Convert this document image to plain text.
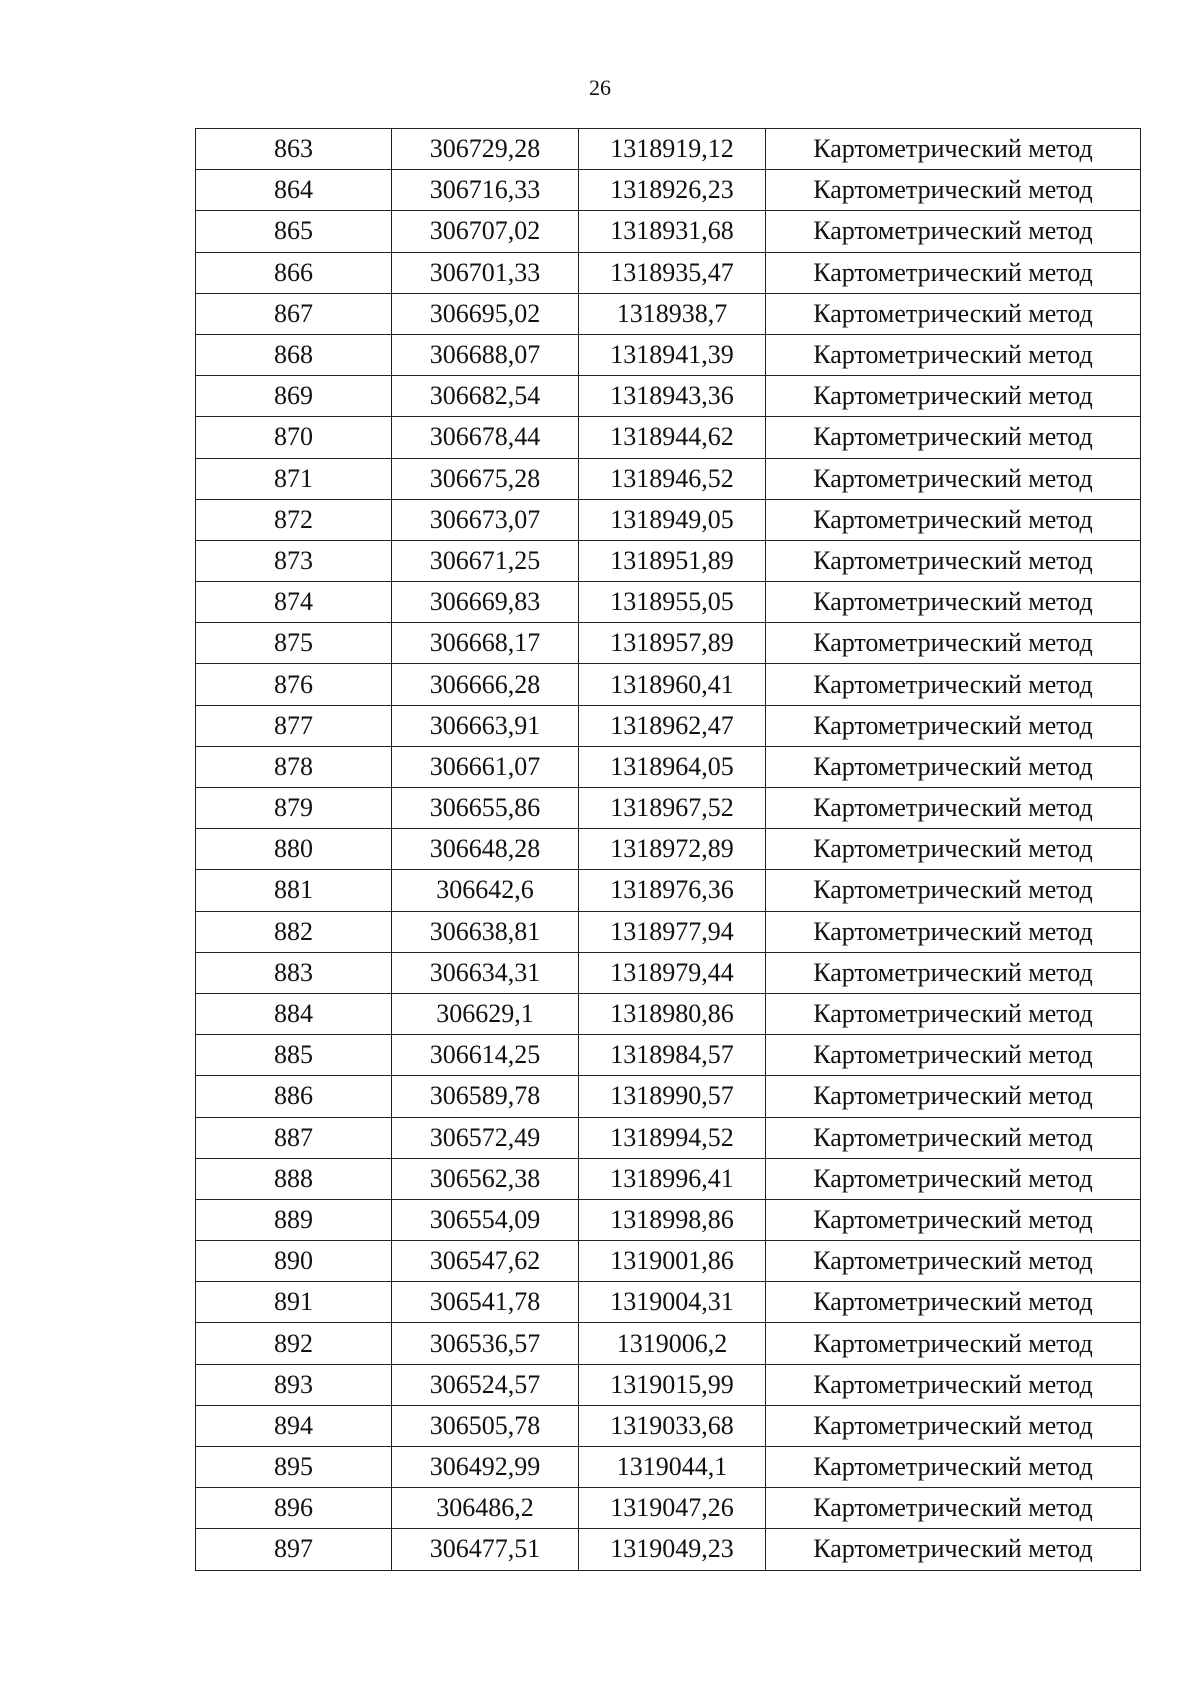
26
863	306729,28	1318919,12	Картометрический метод
864	306716,33	1318926,23	Картометрический метод
865	306707,02	1318931,68	Картометрический метод
866	306701,33	1318935,47	Картометрический метод
867	306695,02	1318938,7	Картометрический метод
868	306688,07	1318941,39	Картометрический метод
869	306682,54	1318943,36	Картометрический метод
870	306678,44	1318944,62	Картометрический метод
871	306675,28	1318946,52	Картометрический метод
872	306673,07	1318949,05	Картометрический метод
873	306671,25	1318951,89	Картометрический метод
874	306669,83	1318955,05	Картометрический метод
875	306668,17	1318957,89	Картометрический метод
876	306666,28	1318960,41	Картометрический метод
877	306663,91	1318962,47	Картометрический метод
878	306661,07	1318964,05	Картометрический метод
879	306655,86	1318967,52	Картометрический метод
880	306648,28	1318972,89	Картометрический метод
881	306642,6	1318976,36	Картометрический метод
882	306638,81	1318977,94	Картометрический метод
883	306634,31	1318979,44	Картометрический метод
884	306629,1	1318980,86	Картометрический метод
885	306614,25	1318984,57	Картометрический метод
886	306589,78	1318990,57	Картометрический метод
887	306572,49	1318994,52	Картометрический метод
888	306562,38	1318996,41	Картометрический метод
889	306554,09	1318998,86	Картометрический метод
890	306547,62	1319001,86	Картометрический метод
891	306541,78	1319004,31	Картометрический метод
892	306536,57	1319006,2	Картометрический метод
893	306524,57	1319015,99	Картометрический метод
894	306505,78	1319033,68	Картометрический метод
895	306492,99	1319044,1	Картометрический метод
896	306486,2	1319047,26	Картометрический метод
897	306477,51	1319049,23	Картометрический метод
